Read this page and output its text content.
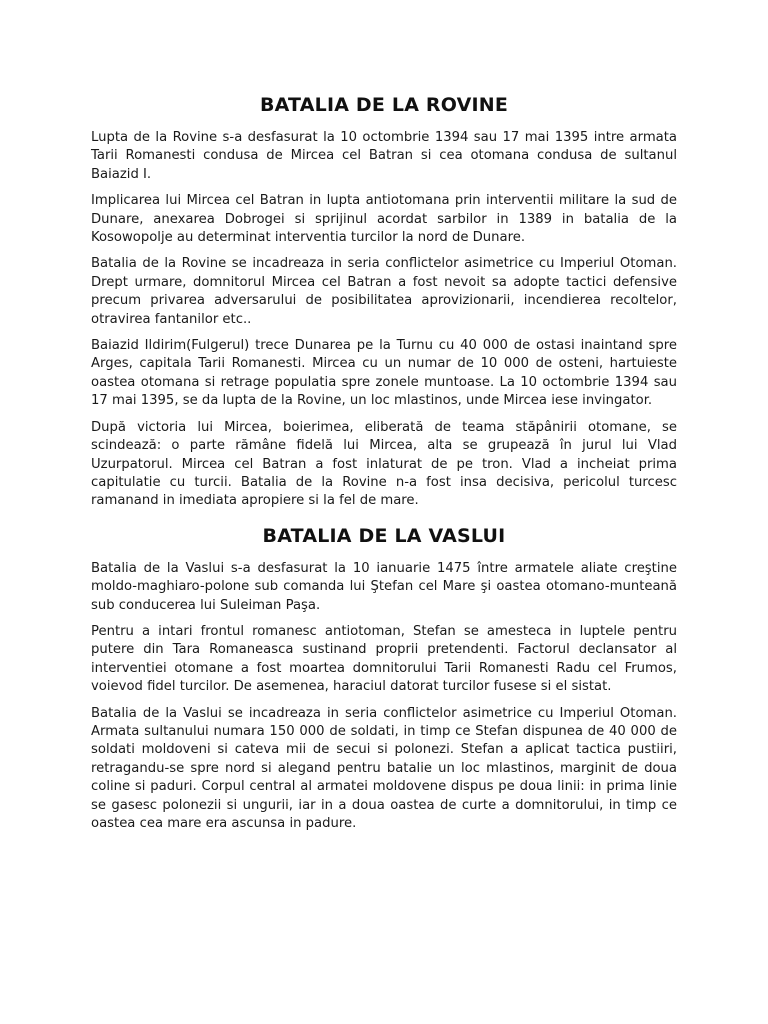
BATALIA DE LA ROVINE

Lupta de la Rovine s-a desfasurat la 10 octombrie 1394 sau 17 mai 1395 intre armata Tarii Romanesti condusa de Mircea cel Batran si cea otomana condusa de sultanul Baiazid I.

Implicarea lui Mircea cel Batran in lupta antiotomana prin interventii militare la sud de Dunare, anexarea Dobrogei si sprijinul acordat sarbilor in 1389 in batalia de la Kosowopolje au determinat interventia turcilor la nord de Dunare.

Batalia de la Rovine se incadreaza in seria conflictelor asimetrice cu Imperiul Otoman. Drept urmare, domnitorul Mircea cel Batran a fost nevoit sa adopte tactici defensive precum privarea adversarului de posibilitatea aprovizionarii, incendierea recoltelor, otravirea fantanilor etc..

Baiazid Ildirim(Fulgerul) trece Dunarea pe la Turnu cu 40 000 de ostasi inaintand spre Arges, capitala Tarii Romanesti. Mircea cu un numar de 10 000 de osteni, hartuieste oastea otomana si retrage populatia spre zonele muntoase. La 10 octombrie 1394 sau 17 mai 1395, se da lupta de la Rovine, un loc mlastinos, unde Mircea iese invingator.

După victoria lui Mircea, boierimea, eliberată de teama stăpânirii otomane, se scindează: o parte rămâne fidelă lui Mircea, alta se grupează în jurul lui Vlad Uzurpatorul. Mircea cel Batran a fost inlaturat de pe tron. Vlad a incheiat prima capitulatie cu turcii. Batalia de la Rovine n-a fost insa decisiva, pericolul turcesc ramanand in imediata apropiere si la fel de mare.

BATALIA DE LA VASLUI

Batalia de la Vaslui s-a desfasurat la 10 ianuarie 1475 între armatele aliate creştine moldo-maghiaro-polone sub comanda lui Ştefan cel Mare şi oastea otomano-munteană sub conducerea lui Suleiman Paşa.

Pentru a intari frontul romanesc antiotoman, Stefan se amesteca in luptele pentru putere din Tara Romaneasca sustinand proprii pretendenti. Factorul declansator al interventiei otomane a fost moartea domnitorului Tarii Romanesti Radu cel Frumos, voievod fidel turcilor. De asemenea, haraciul datorat turcilor fusese si el sistat.

Batalia de la Vaslui se incadreaza in seria conflictelor asimetrice cu Imperiul Otoman. Armata sultanului numara 150 000 de soldati, in timp ce Stefan dispunea de 40 000 de soldati moldoveni si cateva mii de secui si polonezi. Stefan a aplicat tactica pustiiri, retragandu-se spre nord si alegand pentru batalie un loc mlastinos, marginit de doua coline si paduri. Corpul central al armatei moldovene dispus pe doua linii: in prima linie se gasesc polonezii si ungurii, iar in a doua oastea de curte a domnitorului, in timp ce oastea cea mare era ascunsa in padure.
